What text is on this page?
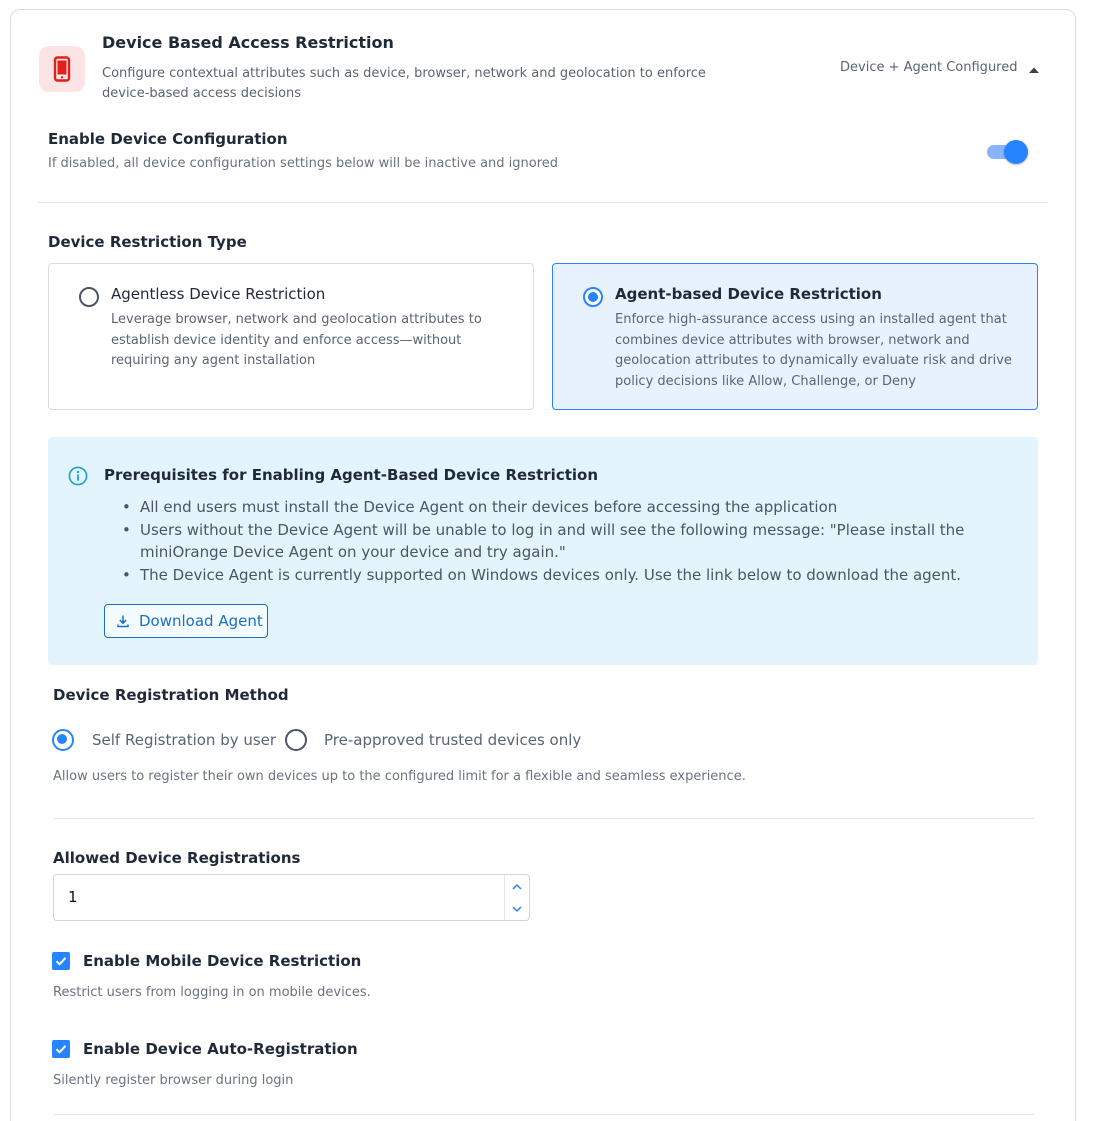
Device Based Access Restriction
Configure contextual attributes such as device, browser, network and geolocation to enforce device-based access decisions
Device + Agent Configured
Enable Device Configuration
If disabled, all device configuration settings below will be inactive and ignored
Device Restriction Type
Agentless Device Restriction
Leverage browser, network and geolocation attributes to establish device identity and enforce access—without requiring any agent installation
Agent-based Device Restriction
Enforce high-assurance access using an installed agent that combines device attributes with browser, network and geolocation attributes to dynamically evaluate risk and drive policy decisions like Allow, Challenge, or Deny
Prerequisites for Enabling Agent-Based Device Restriction
• All end users must install the Device Agent on their devices before accessing the application
• Users without the Device Agent will be unable to log in and will see the following message: "Please install the miniOrange Device Agent on your device and try again."
• The Device Agent is currently supported on Windows devices only. Use the link below to download the agent.
Download Agent
Device Registration Method
Self Registration by user	Pre-approved trusted devices only
Allow users to register their own devices up to the configured limit for a flexible and seamless experience.
Allowed Device Registrations
1
Enable Mobile Device Restriction
Restrict users from logging in on mobile devices.
Enable Device Auto-Registration
Silently register browser during login
